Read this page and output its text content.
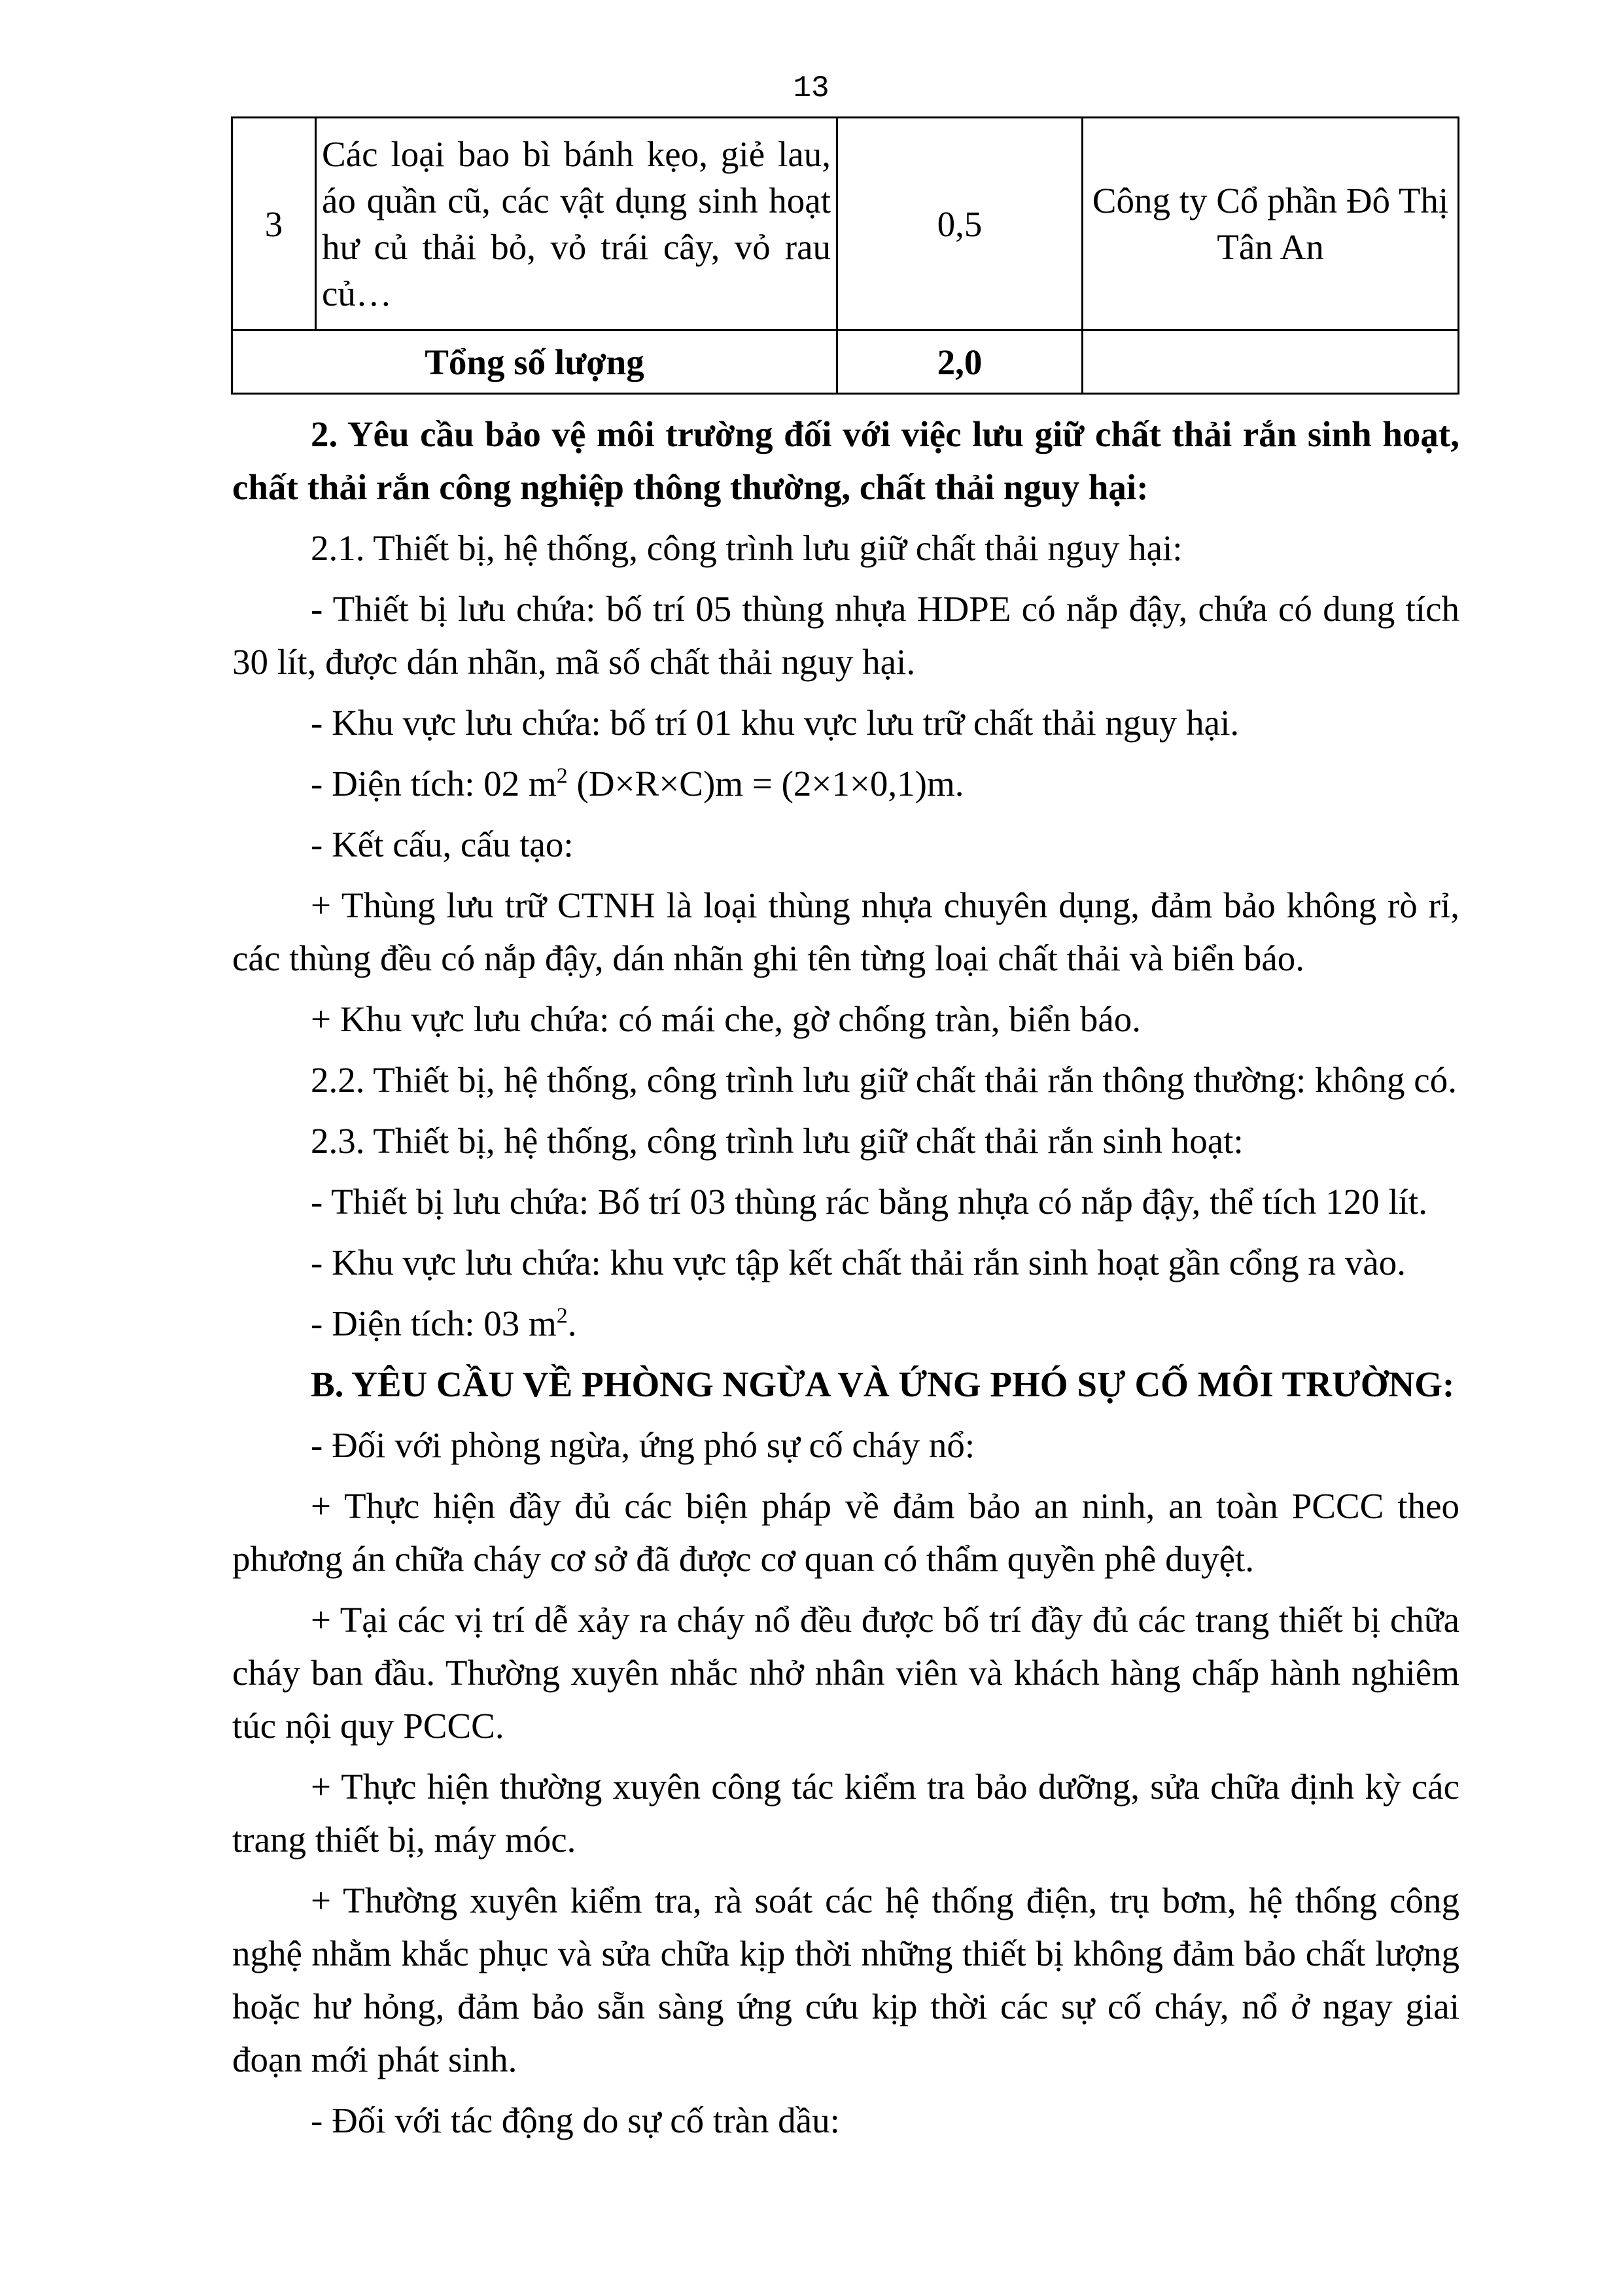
13
3	Các loại bao bì bánh kẹo, giẻ lau, áo quần cũ, các vật dụng sinh hoạt hư củ thải bỏ, vỏ trái cây, vỏ rau củ…	0,5	Công ty Cổ phần Đô Thị Tân An
Tổng số lượng		2,0	

2. Yêu cầu bảo vệ môi trường đối với việc lưu giữ chất thải rắn sinh hoạt, chất thải rắn công nghiệp thông thường, chất thải nguy hại:

2.1. Thiết bị, hệ thống, công trình lưu giữ chất thải nguy hại:

- Thiết bị lưu chứa: bố trí 05 thùng nhựa HDPE có nắp đậy, chứa có dung tích 30 lít, được dán nhãn, mã số chất thải nguy hại.

- Khu vực lưu chứa: bố trí 01 khu vực lưu trữ chất thải nguy hại.

- Diện tích: 02 $m^2$ (D×R×C)m = (2×1×0,1)m.

- Kết cấu, cấu tạo:

+ Thùng lưu trữ CTNH là loại thùng nhựa chuyên dụng, đảm bảo không rò rỉ, các thùng đều có nắp đậy, dán nhãn ghi tên từng loại chất thải và biển báo.

+ Khu vực lưu chứa: có mái che, gờ chống tràn, biển báo.

2.2. Thiết bị, hệ thống, công trình lưu giữ chất thải rắn thông thường: không có.

2.3. Thiết bị, hệ thống, công trình lưu giữ chất thải rắn sinh hoạt:

- Thiết bị lưu chứa: Bố trí 03 thùng rác bằng nhựa có nắp đậy, thể tích 120 lít.

- Khu vực lưu chứa: khu vực tập kết chất thải rắn sinh hoạt gần cổng ra vào.

- Diện tích: 03 $m^2$.

B. YÊU CẦU VỀ PHÒNG NGỪA VÀ ỨNG PHÓ SỰ CỐ MÔI TRƯỜNG:

- Đối với phòng ngừa, ứng phó sự cố cháy nổ:

+ Thực hiện đầy đủ các biện pháp về đảm bảo an ninh, an toàn PCCC theo phương án chữa cháy cơ sở đã được cơ quan có thẩm quyền phê duyệt.

+ Tại các vị trí dễ xảy ra cháy nổ đều được bố trí đầy đủ các trang thiết bị chữa cháy ban đầu. Thường xuyên nhắc nhở nhân viên và khách hàng chấp hành nghiêm túc nội quy PCCC.

+ Thực hiện thường xuyên công tác kiểm tra bảo dưỡng, sửa chữa định kỳ các trang thiết bị, máy móc.

+ Thường xuyên kiểm tra, rà soát các hệ thống điện, trụ bơm, hệ thống công nghệ nhằm khắc phục và sửa chữa kịp thời những thiết bị không đảm bảo chất lượng hoặc hư hỏng, đảm bảo sẵn sàng ứng cứu kịp thời các sự cố cháy, nổ ở ngay giai đoạn mới phát sinh.

- Đối với tác động do sự cố tràn dầu:
